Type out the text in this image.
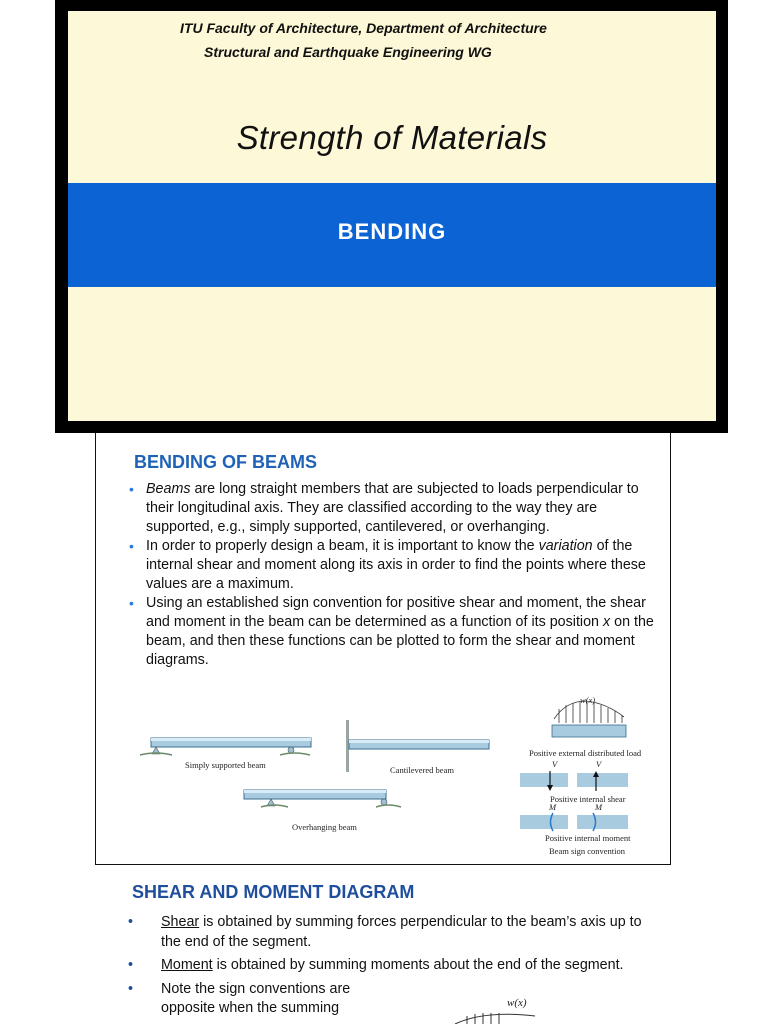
ITU Faculty of Architecture, Department of Architecture
Structural and Earthquake Engineering WG
Strength of Materials
BENDING
BENDING OF BEAMS
• Beams are long straight members that are subjected to loads perpendicular to their longitudinal axis. They are classified according to the way they are supported, e.g., simply supported, cantilevered, or overhanging.
• In order to properly design a beam, it is important to know the variation of the internal shear and moment along its axis in order to find the points where these values are a maximum.
• Using an established sign convention for positive shear and moment, the shear and moment in the beam can be determined as a function of its position x on the beam, and then these functions can be plotted to form the shear and moment diagrams.
Simply supported beam	Cantilevered beam
Overhanging beam
w(x)
Positive external distributed load
V	V
Positive internal shear
M	M
Positive internal moment
Beam sign convention
SHEAR AND MOMENT DIAGRAM
• Shear is obtained by summing forces perpendicular to the beam’s axis up to the end of the segment.
• Moment is obtained by summing moments about the end of the segment.
• Note the sign conventions are
opposite when the summing	w(x)
